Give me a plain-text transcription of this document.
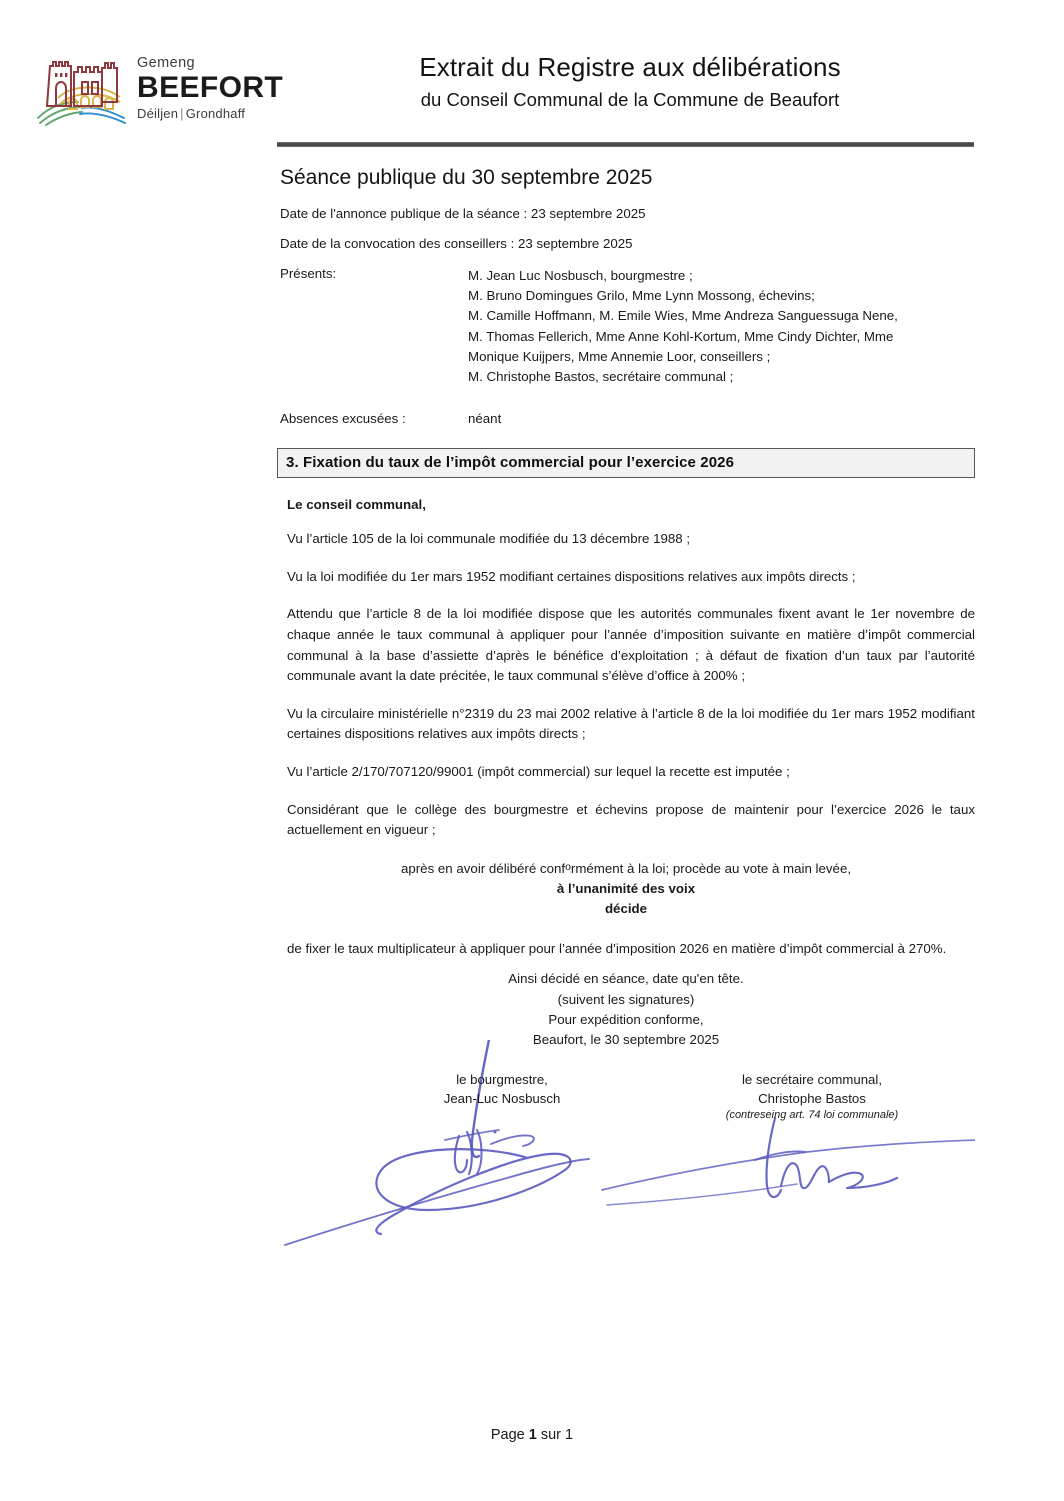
Gemeng
BEEFORT
Déiljen | Grondhaff
Extrait du Registre aux délibérations
du Conseil Communal de la Commune de Beaufort
Séance publique du 30 septembre 2025
Date de l'annonce publique de la séance : 23 septembre 2025
Date de la convocation des conseillers : 23 septembre 2025
Présents:	M. Jean Luc Nosbusch, bourgmestre ;
M. Bruno Domingues Grilo, Mme Lynn Mossong, échevins;
M. Camille Hoffmann, M. Emile Wies, Mme Andreza Sanguessuga Nene,
M. Thomas Fellerich, Mme Anne Kohl-Kortum, Mme Cindy Dichter, Mme
Monique Kuijpers, Mme Annemie Loor, conseillers ;
M. Christophe Bastos, secrétaire communal ;
Absences excusées :	néant
3. Fixation du taux de l’impôt commercial pour l’exercice 2026
Le conseil communal,
Vu l’article 105 de la loi communale modifiée du 13 décembre 1988 ;
Vu la loi modifiée du 1er mars 1952 modifiant certaines dispositions relatives aux impôts directs ;
Attendu que l’article 8 de la loi modifiée dispose que les autorités communales fixent avant le 1er novembre de chaque année le taux communal à appliquer pour l’année d’imposition suivante en matière d’impôt commercial communal à la base d’assiette d’après le bénéfice d’exploitation ; à défaut de fixation d’un taux par l’autorité communale avant la date précitée, le taux communal s’élève d’office à 200% ;
Vu la circulaire ministérielle n°2319 du 23 mai 2002 relative à l’article 8 de la loi modifiée du 1er mars 1952 modifiant certaines dispositions relatives aux impôts directs ;
Vu l’article 2/170/707120/99001 (impôt commercial) sur lequel la recette est imputée ;
Considérant que le collège des bourgmestre et échevins propose de maintenir pour l’exercice 2026 le taux actuellement en vigueur ;
après en avoir délibéré conf$^o$rmément à la loi; procède au vote à main levée,
à l’unanimité des voix
décide
de fixer le taux multiplicateur à appliquer pour l’année d’imposition 2026 en matière d’impôt commercial à 270%.
Ainsi décidé en séance, date qu'en tête.
(suivent les signatures)
Pour expédition conforme,
Beaufort, le 30 septembre 2025
le bourgmestre,
Jean-Luc Nosbusch
le secrétaire communal,
Christophe Bastos
(contreseing art. 74 loi communale)
Page 1 sur 1
